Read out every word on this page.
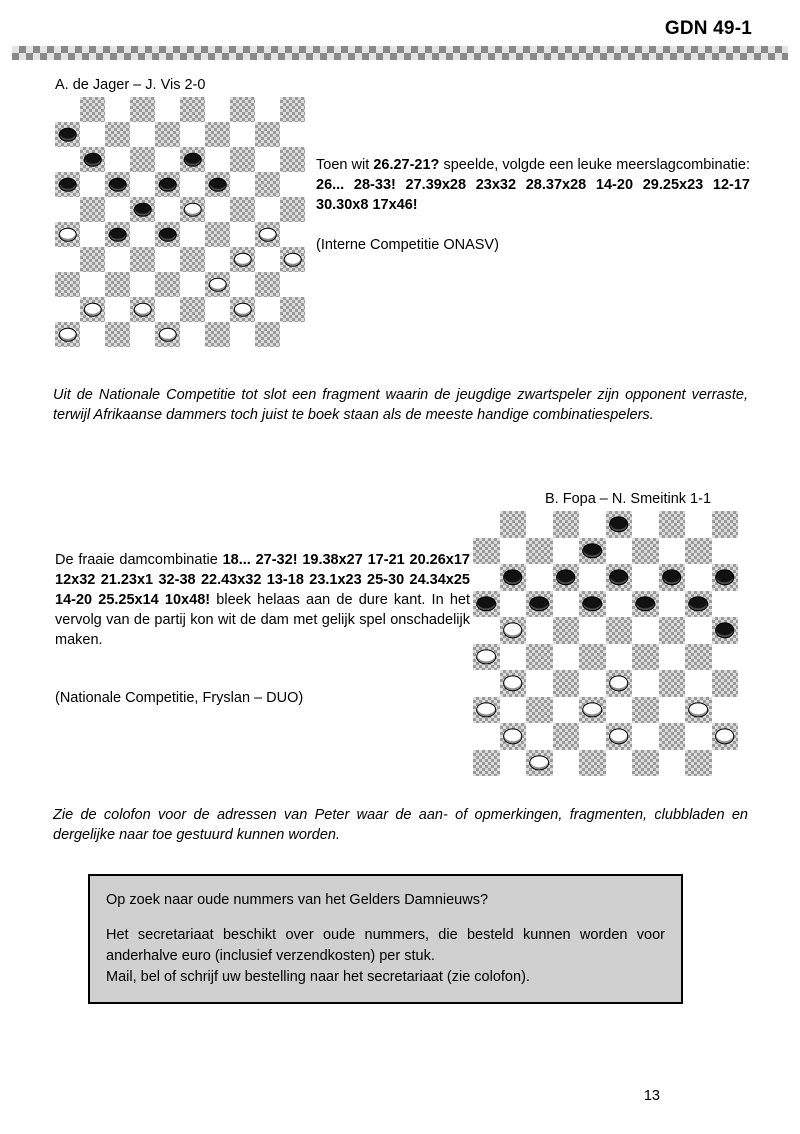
GDN 49-1
A. de Jager – J. Vis 2-0
Toen wit 26.27-21? speelde, volgde een leuke meerslagcombinatie: 26... 28-33! 27.39x28 23x32 28.37x28 14-20 29.25x23 12-17 30.30x8 17x46!
(Interne Competitie ONASV)
Uit de Nationale Competitie tot slot een fragment waarin de jeugdige zwartspeler zijn opponent verraste, terwijl Afrikaanse dammers toch juist te boek staan als de meeste handige combinatiespelers.
B. Fopa – N. Smeitink 1-1
De fraaie damcombinatie 18... 27-32! 19.38x27 17-21 20.26x17 12x32 21.23x1 32-38 22.43x32 13-18 23.1x23 25-30 24.34x25 14-20 25.25x14 10x48! bleek helaas aan de dure kant. In het vervolg van de partij kon wit de dam met gelijk spel onschadelijk maken.
(Nationale Competitie, Fryslan – DUO)
Zie de colofon voor de adressen van Peter waar de aan- of opmerkingen, fragmenten, clubbladen en dergelijke naar toe gestuurd kunnen worden.

Op zoek naar oude nummers van het Gelders Damnieuws?

Het secretariaat beschikt over oude nummers, die besteld kunnen worden voor anderhalve euro (inclusief verzendkosten) per stuk.

Mail, bel of schrijf uw bestelling naar het secretariaat (zie colofon).

13
